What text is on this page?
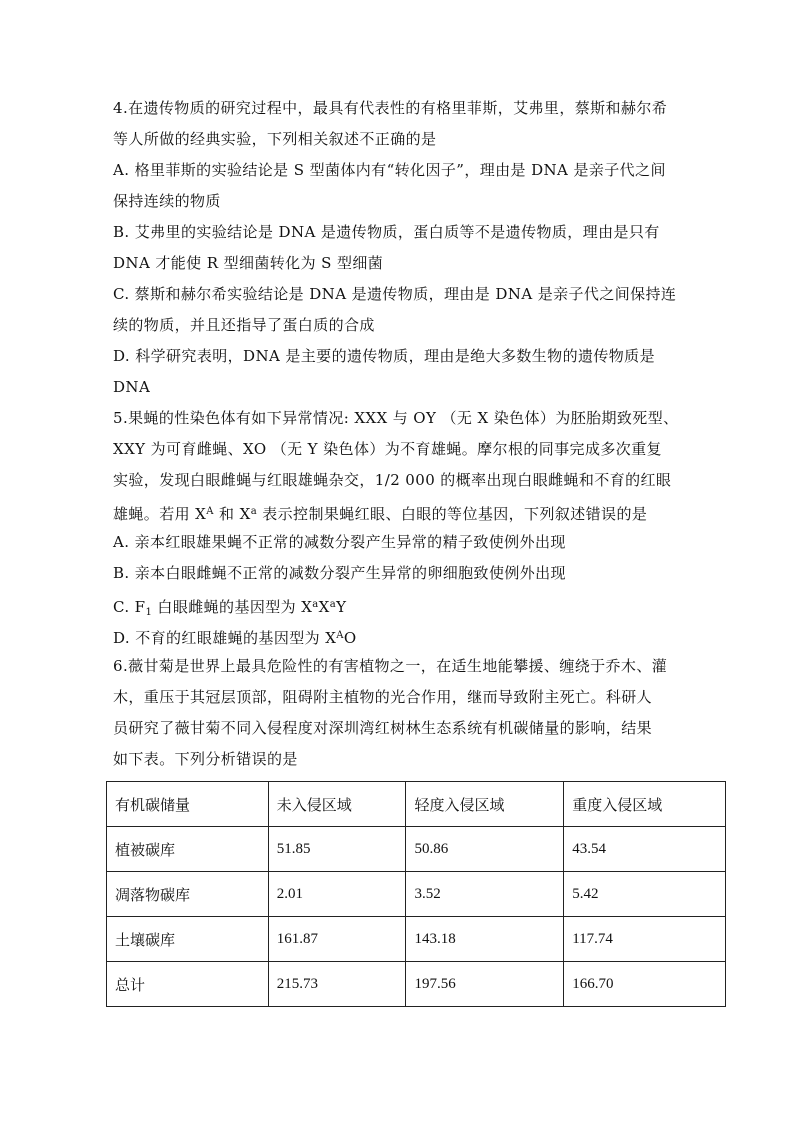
4.在遗传物质的研究过程中，最具有代表性的有格里菲斯，艾弗里，蔡斯和赫尔希
等人所做的经典实验，下列相关叙述不正确的是
A. 格里菲斯的实验结论是 S 型菌体内有“转化因子”，理由是 DNA 是亲子代之间
保持连续的物质
B. 艾弗里的实验结论是 DNA 是遗传物质，蛋白质等不是遗传物质，理由是只有
DNA 才能使 R 型细菌转化为 S 型细菌
C. 蔡斯和赫尔希实验结论是 DNA 是遗传物质，理由是 DNA 是亲子代之间保持连
续的物质，并且还指导了蛋白质的合成
D. 科学研究表明，DNA 是主要的遗传物质，理由是绝大多数生物的遗传物质是
DNA
5.果蝇的性染色体有如下异常情况: XXX 与 OY （无 X 染色体）为胚胎期致死型、
XXY 为可育雌蝇、XO （无 Y 染色体）为不育雄蝇。摩尔根的同事完成多次重复
实验，发现白眼雌蝇与红眼雄蝇杂交，1/2 000 的概率出现白眼雌蝇和不育的红眼
雄蝇。若用 $X^A$ 和 $X^a$ 表示控制果蝇红眼、白眼的等位基因，下列叙述错误的是
A. 亲本红眼雄果蝇不正常的减数分裂产生异常的精子致使例外出现
B. 亲本白眼雌蝇不正常的减数分裂产生异常的卵细胞致使例外出现
C. $F_1$ 白眼雌蝇的基因型为 $X^aX^aY$
D. 不育的红眼雄蝇的基因型为 $X^AO$
6.薇甘菊是世界上最具危险性的有害植物之一，在适生地能攀援、缠绕于乔木、灌
木，重压于其冠层顶部，阻碍附主植物的光合作用，继而导致附主死亡。科研人
员研究了薇甘菊不同入侵程度对深圳湾红树林生态系统有机碳储量的影响，结果
如下表。下列分析错误的是
有机碳储量	未入侵区域	轻度入侵区域	重度入侵区域
植被碳库	51.85	50.86	43.54
凋落物碳库	2.01	3.52	5.42
土壤碳库	161.87	143.18	117.74
总计	215.73	197.56	166.70
